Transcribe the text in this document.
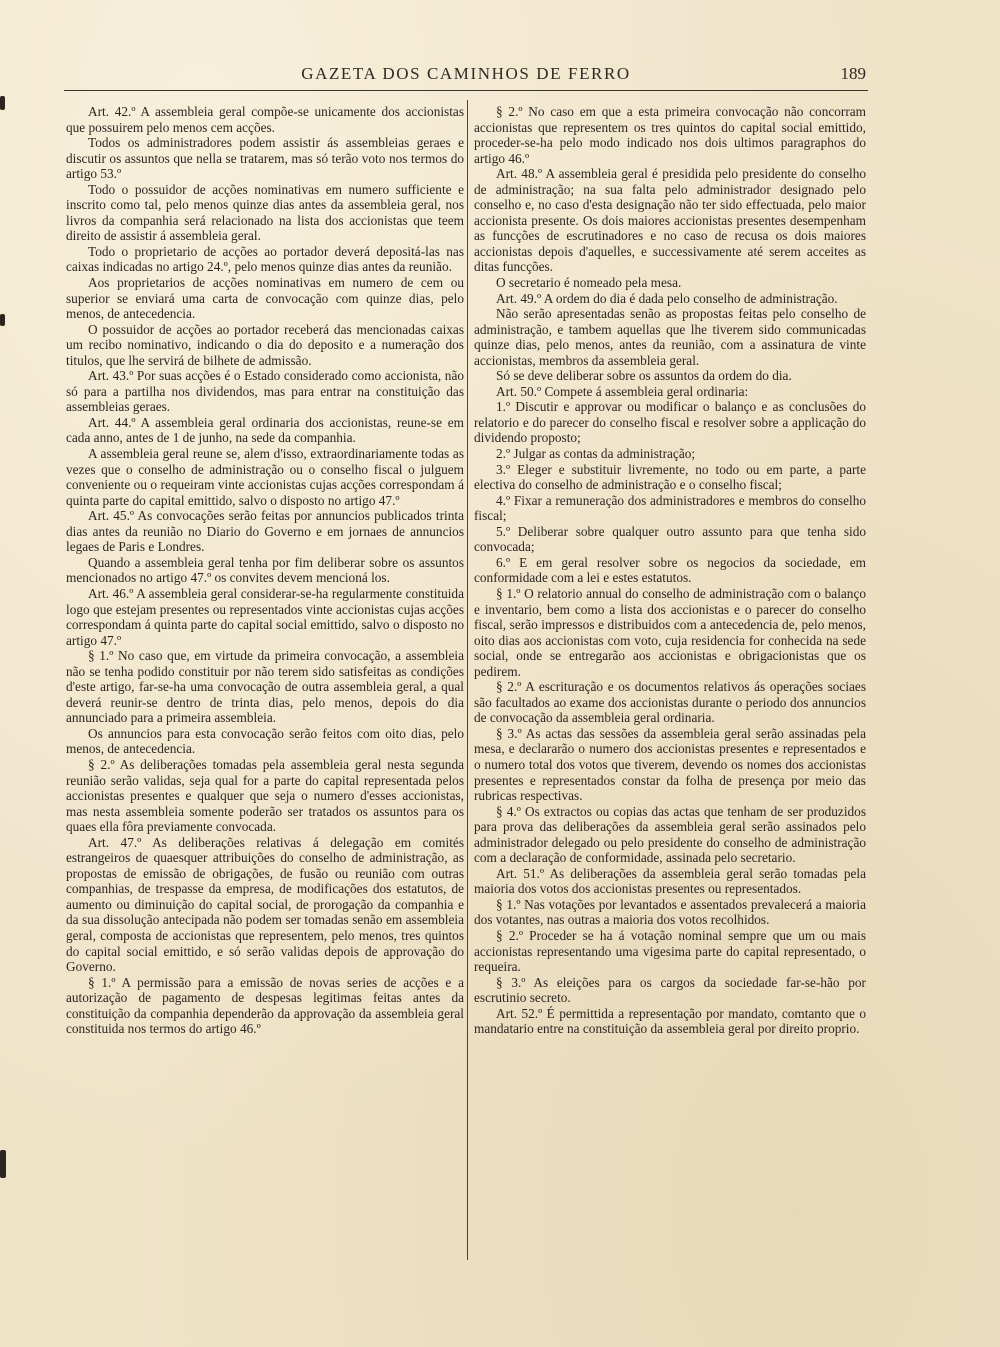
GAZETA DOS CAMINHOS DE FERRO	189

Art. 42.º A assembleia geral compõe-se unicamente dos accionistas que possuirem pelo menos cem acções.

Todos os administradores podem assistir ás assembleias geraes e discutir os assuntos que nella se tratarem, mas só terão voto nos termos do artigo 53.º

Todo o possuidor de acções nominativas em numero sufficiente e inscrito como tal, pelo menos quinze dias antes da assembleia geral, nos livros da companhia será relacionado na lista dos accionistas que teem direito de assistir á assembleia geral.

Todo o proprietario de acções ao portador deverá depositá-las nas caixas indicadas no artigo 24.º, pelo menos quinze dias antes da reunião.

Aos proprietarios de acções nominativas em numero de cem ou superior se enviará uma carta de convocação com quinze dias, pelo menos, de antecedencia.

O possuidor de acções ao portador receberá das mencionadas caixas um recibo nominativo, indicando o dia do deposito e a numeração dos titulos, que lhe servirá de bilhete de admissão.

Art. 43.º Por suas acções é o Estado considerado como accionista, não só para a partilha nos dividendos, mas para entrar na constituição das assembleias geraes.

Art. 44.º A assembleia geral ordinaria dos accionistas, reune-se em cada anno, antes de 1 de junho, na sede da companhia.

A assembleia geral reune se, alem d'isso, extraordinariamente todas as vezes que o conselho de administração ou o conselho fiscal o julguem conveniente ou o requeiram vinte accionistas cujas acções correspondam á quinta parte do capital emittido, salvo o disposto no artigo 47.º

Art. 45.º As convocações serão feitas por annuncios publicados trinta dias antes da reunião no Diario do Governo e em jornaes de annuncios legaes de Paris e Londres.

Quando a assembleia geral tenha por fim deliberar sobre os assuntos mencionados no artigo 47.º os convites devem mencioná los.

Art. 46.º A assembleia geral considerar-se-ha regularmente constituida logo que estejam presentes ou representados vinte accionistas cujas acções correspondam á quinta parte do capital social emittido, salvo o disposto no artigo 47.º

§ 1.º No caso que, em virtude da primeira convocação, a assembleia não se tenha podido constituir por não terem sido satisfeitas as condições d'este artigo, far-se-ha uma convocação de outra assembleia geral, a qual deverá reunir-se dentro de trinta dias, pelo menos, depois do dia annunciado para a primeira assembleia.

Os annuncios para esta convocação serão feitos com oito dias, pelo menos, de antecedencia.

§ 2.º As deliberações tomadas pela assembleia geral nesta segunda reunião serão validas, seja qual for a parte do capital representada pelos accionistas presentes e qualquer que seja o numero d'esses accionistas, mas nesta assembleia somente poderão ser tratados os assuntos para os quaes ella fôra previamente convocada.

Art. 47.º As deliberações relativas á delegação em comités estrangeiros de quaesquer attribuições do conselho de administração, as propostas de emissão de obrigações, de fusão ou reunião com outras companhias, de trespasse da empresa, de modificações dos estatutos, de aumento ou diminuição do capital social, de prorogação da companhia e da sua dissolução antecipada não podem ser tomadas senão em assembleia geral, composta de accionistas que representem, pelo menos, tres quintos do capital social emittido, e só serão validas depois de approvação do Governo.

§ 1.º A permissão para a emissão de novas series de acções e a autorização de pagamento de despesas legitimas feitas antes da constituição da companhia dependerão da approvação da assembleia geral constituida nos termos do artigo 46.º

§ 2.º No caso em que a esta primeira convocação não concorram accionistas que representem os tres quintos do capital social emittido, proceder-se-ha pelo modo indicado nos dois ultimos paragraphos do artigo 46.º

Art. 48.º A assembleia geral é presidida pelo presidente do conselho de administração; na sua falta pelo administrador designado pelo conselho e, no caso d'esta designação não ter sido effectuada, pelo maior accionista presente. Os dois maiores accionistas presentes desempenham as funcções de escrutinadores e no caso de recusa os dois maiores accionistas depois d'aquelles, e successivamente até serem acceites as ditas funcções.

O secretario é nomeado pela mesa.

Art. 49.º A ordem do dia é dada pelo conselho de administração.

Não serão apresentadas senão as propostas feitas pelo conselho de administração, e tambem aquellas que lhe tiverem sido communicadas quinze dias, pelo menos, antes da reunião, com a assinatura de vinte accionistas, membros da assembleia geral.

Só se deve deliberar sobre os assuntos da ordem do dia.

Art. 50.º Compete á assembleia geral ordinaria:

1.º Discutir e approvar ou modificar o balanço e as conclusões do relatorio e do parecer do conselho fiscal e resolver sobre a applicação do dividendo proposto;

2.º Julgar as contas da administração;

3.º Eleger e substituir livremente, no todo ou em parte, a parte electiva do conselho de administração e o conselho fiscal;

4.º Fixar a remuneração dos administradores e membros do conselho fiscal;

5.º Deliberar sobre qualquer outro assunto para que tenha sido convocada;

6.º E em geral resolver sobre os negocios da sociedade, em conformidade com a lei e estes estatutos.

§ 1.º O relatorio annual do conselho de administração com o balanço e inventario, bem como a lista dos accionistas e o parecer do conselho fiscal, serão impressos e distribuidos com a antecedencia de, pelo menos, oito dias aos accionistas com voto, cuja residencia for conhecida na sede social, onde se entregarão aos accionistas e obrigacionistas que os pedirem.

§ 2.º A escrituração e os documentos relativos ás operações sociaes são facultados ao exame dos accionistas durante o periodo dos annuncios de convocação da assembleia geral ordinaria.

§ 3.º As actas das sessões da assembleia geral serão assinadas pela mesa, e declararão o numero dos accionistas presentes e representados e o numero total dos votos que tiverem, devendo os nomes dos accionistas presentes e representados constar da folha de presença por meio das rubricas respectivas.

§ 4.º Os extractos ou copias das actas que tenham de ser produzidos para prova das deliberações da assembleia geral serão assinados pelo administrador delegado ou pelo presidente do conselho de administração com a declaração de conformidade, assinada pelo secretario.

Art. 51.º As deliberações da assembleia geral serão tomadas pela maioria dos votos dos accionistas presentes ou representados.

§ 1.º Nas votações por levantados e assentados prevalecerá a maioria dos votantes, nas outras a maioria dos votos recolhidos.

§ 2.º Proceder se ha á votação nominal sempre que um ou mais accionistas representando uma vigesima parte do capital representado, o requeira.

§ 3.º As eleições para os cargos da sociedade far-se-hão por escrutinio secreto.

Art. 52.º É permittida a representação por mandato, comtanto que o mandatario entre na constituição da assembleia geral por direito proprio.
